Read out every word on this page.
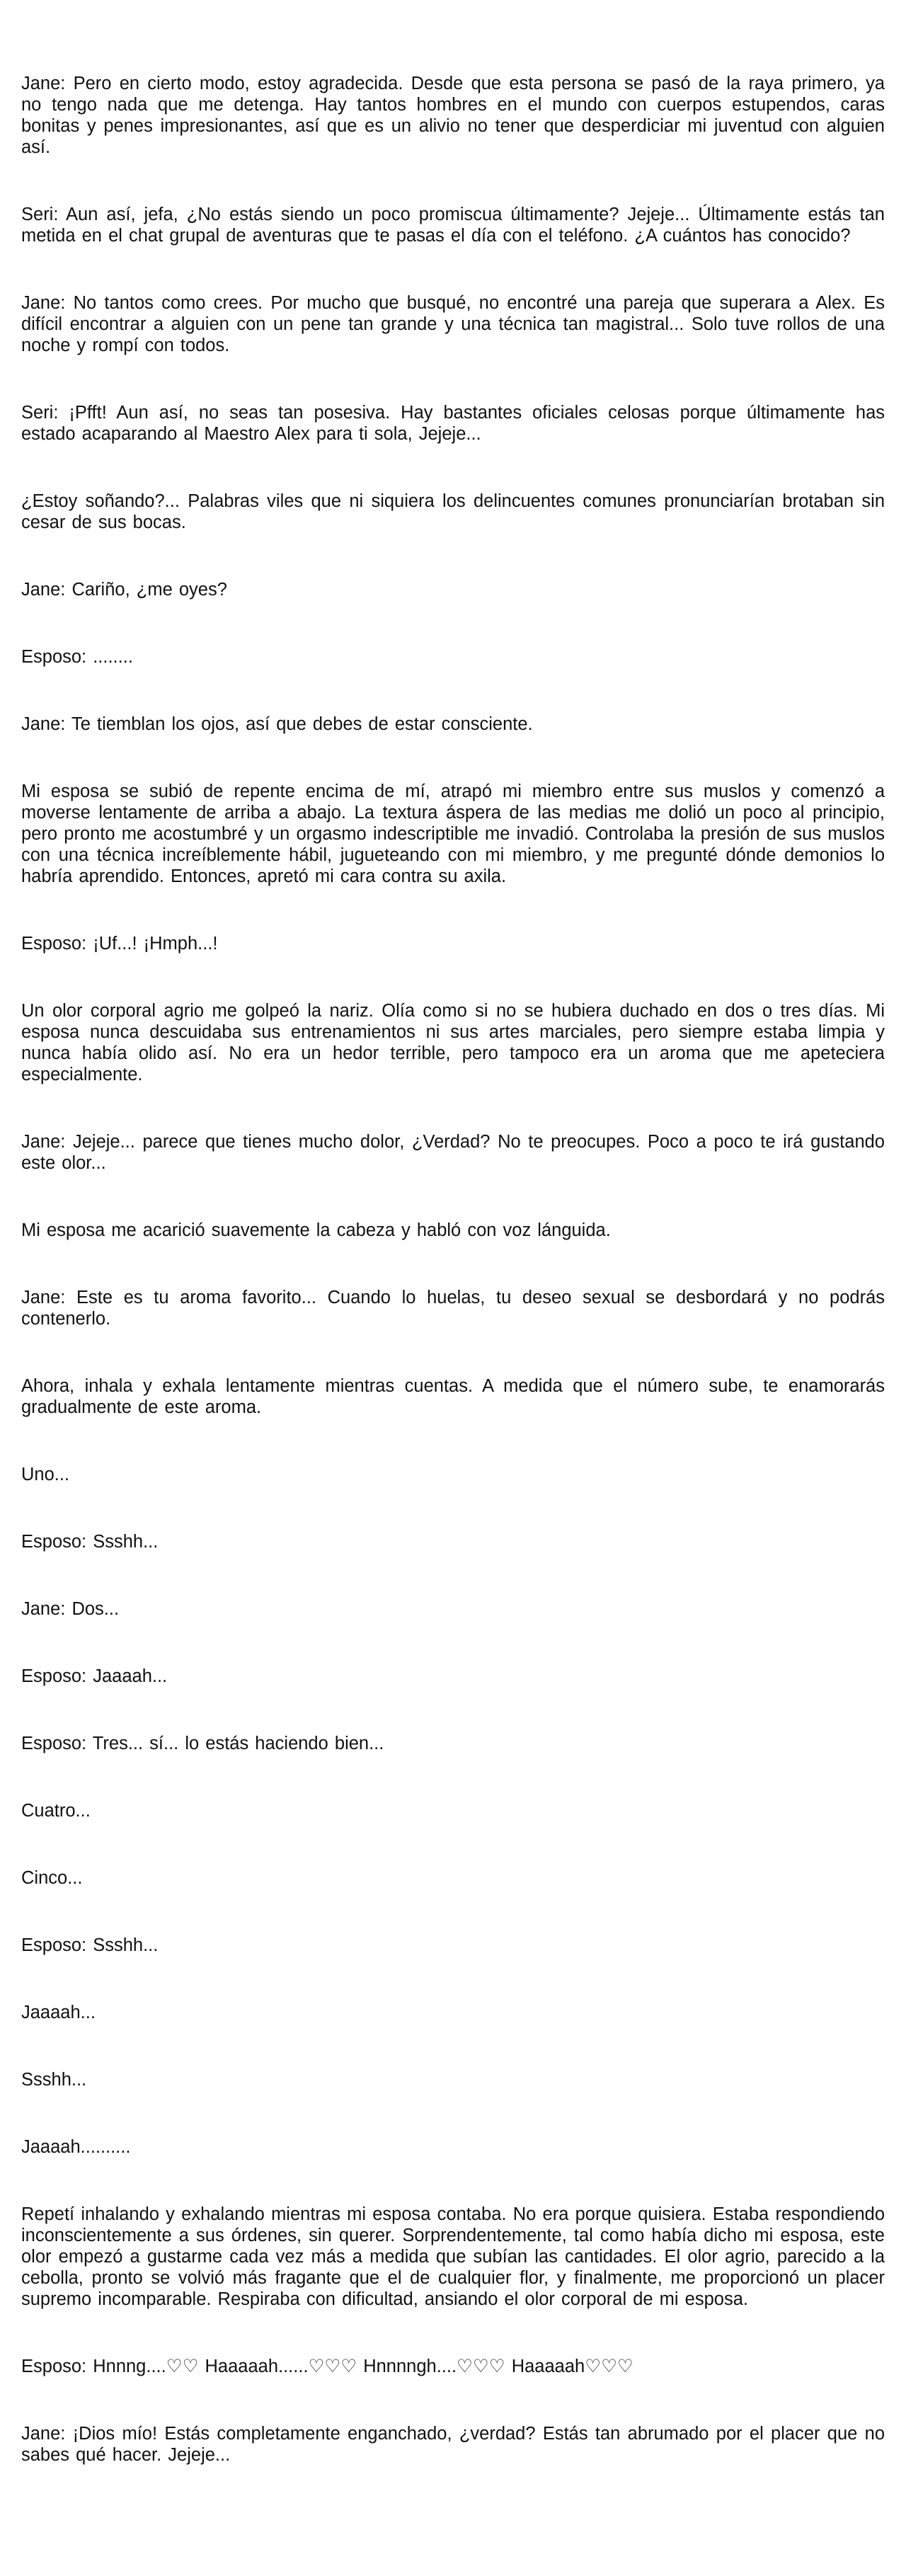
Jane: Pero en cierto modo, estoy agradecida. Desde que esta persona se pasó de la raya primero, ya no tengo nada que me detenga. Hay tantos hombres en el mundo con cuerpos estupendos, caras bonitas y penes impresionantes, así que es un alivio no tener que desperdiciar mi juventud con alguien así.

Seri: Aun así, jefa, ¿No estás siendo un poco promiscua últimamente? Jejeje... Últimamente estás tan metida en el chat grupal de aventuras que te pasas el día con el teléfono. ¿A cuántos has conocido?

Jane: No tantos como crees. Por mucho que busqué, no encontré una pareja que superara a Alex. Es difícil encontrar a alguien con un pene tan grande y una técnica tan magistral... Solo tuve rollos de una noche y rompí con todos.

Seri: ¡Pfft! Aun así, no seas tan posesiva. Hay bastantes oficiales celosas porque últimamente has estado acaparando al Maestro Alex para ti sola, Jejeje...

¿Estoy soñando?... Palabras viles que ni siquiera los delincuentes comunes pronunciarían brotaban sin cesar de sus bocas.

Jane: Cariño, ¿me oyes?

Esposo: ........

Jane: Te tiemblan los ojos, así que debes de estar consciente.

Mi esposa se subió de repente encima de mí, atrapó mi miembro entre sus muslos y comenzó a moverse lentamente de arriba a abajo. La textura áspera de las medias me dolió un poco al principio, pero pronto me acostumbré y un orgasmo indescriptible me invadió. Controlaba la presión de sus muslos con una técnica increíblemente hábil, jugueteando con mi miembro, y me pregunté dónde demonios lo habría aprendido. Entonces, apretó mi cara contra su axila.

Esposo: ¡Uf...! ¡Hmph...!

Un olor corporal agrio me golpeó la nariz. Olía como si no se hubiera duchado en dos o tres días. Mi esposa nunca descuidaba sus entrenamientos ni sus artes marciales, pero siempre estaba limpia y nunca había olido así. No era un hedor terrible, pero tampoco era un aroma que me apeteciera especialmente.

Jane: Jejeje... parece que tienes mucho dolor, ¿Verdad? No te preocupes. Poco a poco te irá gustando este olor...

Mi esposa me acarició suavemente la cabeza y habló con voz lánguida.

Jane: Este es tu aroma favorito... Cuando lo huelas, tu deseo sexual se desbordará y no podrás contenerlo.

Ahora, inhala y exhala lentamente mientras cuentas. A medida que el número sube, te enamorarás gradualmente de este aroma.

Uno...

Esposo: Ssshh...

Jane: Dos...

Esposo: Jaaaah...

Esposo: Tres... sí... lo estás haciendo bien...

Cuatro...

Cinco...

Esposo: Ssshh...

Jaaaah...

Ssshh...

Jaaaah..........

Repetí inhalando y exhalando mientras mi esposa contaba. No era porque quisiera. Estaba respondiendo inconscientemente a sus órdenes, sin querer. Sorprendentemente, tal como había dicho mi esposa, este olor empezó a gustarme cada vez más a medida que subían las cantidades. El olor agrio, parecido a la cebolla, pronto se volvió más fragante que el de cualquier flor, y finalmente, me proporcionó un placer supremo incomparable. Respiraba con dificultad, ansiando el olor corporal de mi esposa.

Esposo: Hnnng....♡♡ Haaaaah......♡♡♡ Hnnnngh....♡♡♡ Haaaaah♡♡♡

Jane: ¡Dios mío! Estás completamente enganchado, ¿verdad? Estás tan abrumado por el placer que no sabes qué hacer. Jejeje...
